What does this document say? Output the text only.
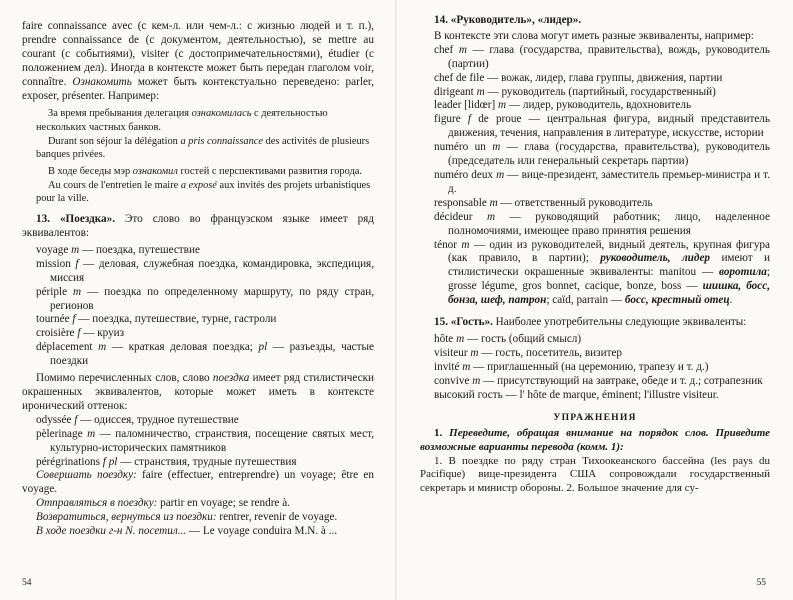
faire connaissance avec (с кем-л. или чем-л.: с жизнью людей и т. п.), prendre connaissance de (с документом, деятельностью), se mettre au courant (с событиями), visiter (с достопримечательностями), étudier (с положением дел). Иногда в контексте может быть передан глаголом voir, connaître. Ознакомить может быть контекстуально переведено: parler, exposer, présenter. Например:

За время пребывания делегация ознакомилась с деятельностью нескольких частных банков.

Durant son séjour la délégation a pris connaissance des activités de plusieurs banques privées.

В ходе беседы мэр ознакомил гостей с перспективами развития города.

Au cours de l'entretien le maire a exposé aux invités des projets urbanistiques pour la ville.

13. «Поездка». Это слово во французском языке имеет ряд эквивалентов:

voyage m — поездка, путешествие

mission f — деловая, служебная поездка, командировка, экспедиция, миссия

périple m — поездка по определенному маршруту, по ряду стран, регионов

tournée f — поездка, путешествие, турне, гастроли

croisière f — круиз

déplacement m — краткая деловая поездка; pl — разъезды, частые поездки

Помимо перечисленных слов, слово поездка имеет ряд стилистически окрашенных эквивалентов, которые может иметь в контексте иронический оттенок:

odyssée f — одиссея, трудное путешествие

pèlerinage m — паломничество, странствия, посещение святых мест, культурно-исторических памятников

pérégrinations f pl — странствия, трудные путешествия

Совершать поездку: faire (effectuer, entreprendre) un voyage; être en voyage.

Отправляться в поездку: partir en voyage; se rendre à.

Возвратиться, вернуться из поездки: rentrer, revenir de voyage.

В ходе поездки г-н N. посетил... — Le voyage conduira M.N. à ...

54

14. «Руководитель», «лидер».

В контексте эти слова могут иметь разные эквиваленты, например:

chef m — глава (государства, правительства), вождь, руководитель (партии)

chef de file — вожак, лидер, глава группы, движения, партии

dirigeant m — руководитель (партийный, государственный)

leader [lidœr] m — лидер, руководитель, вдохновитель

figure f de proue — центральная фигура, видный представитель движения, течения, направления в литературе, искусстве, истории

numéro un m — глава (государства, правительства), руководитель (председатель или генеральный секретарь партии)

numéro deux m — вице-президент, заместитель премьер-министра и т. д.

responsable m — ответственный руководитель

décideur m — руководящий работник; лицо, наделенное полномочиями, имеющее право принятия решения

ténor m — один из руководителей, видный деятель, крупная фигура (как правило, в партии); руководитель, лидер имеют и стилистически окрашенные эквиваленты: manitou — воротила; grosse légume, gros bonnet, cacique, bonze, boss — шишка, босс, бонза, шеф, патрон; caïd, parrain — босс, крестный отец.

15. «Гость». Наиболее употребительны следующие эквиваленты:

hôte m — гость (общий смысл)

visiteur m — гость, посетитель, визитер

invité m — приглашенный (на церемонию, трапезу и т. д.)

convive m — присутствующий на завтраке, обеде и т. д.; сотрапезник

высокий гость — l' hôte de marque, éminent; l'illustre visiteur.

УПРАЖНЕНИЯ

1. Переведите, обращая внимание на порядок слов. Приведите возможные варианты перевода (комм. 1):

1. В поездке по ряду стран Тихоокеанского бассейна (les pays du Pacifique) вице-президента США сопровождали государственный секретарь и министр обороны. 2. Большое значение для су-

55
